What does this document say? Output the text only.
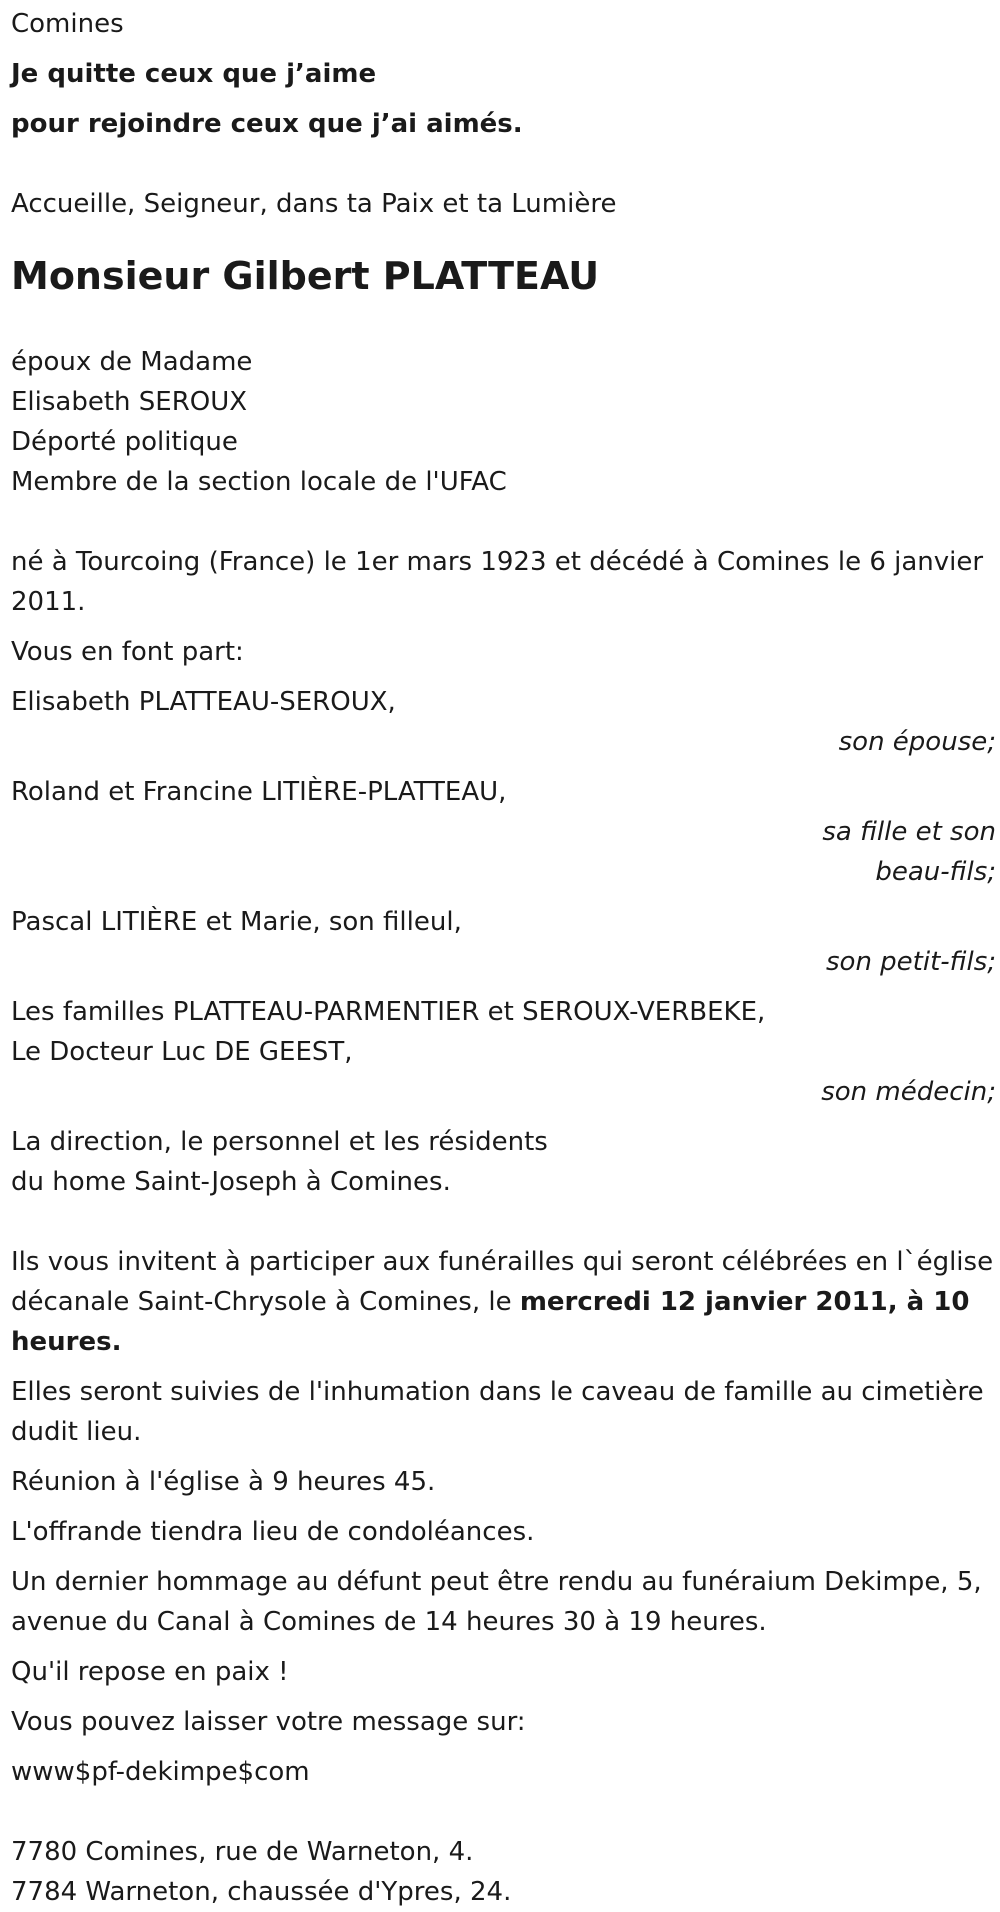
Comines

Je quitte ceux que j’aime

pour rejoindre ceux que j’ai aimés.

Accueille, Seigneur, dans ta Paix et ta Lumière

Monsieur Gilbert PLATTEAU

époux de Madame

Elisabeth SEROUX

Déporté politique

Membre de la section locale de l'UFAC

né à Tourcoing (France) le 1er mars 1923 et décédé à Comines le 6 janvier 2011.

Vous en font part:

Elisabeth PLATTEAU-SEROUX,

son épouse;

Roland et Francine LITIÈRE-PLATTEAU,

sa fille et son beau-fils;

Pascal LITIÈRE et Marie, son filleul,

son petit-fils;

Les familles PLATTEAU-PARMENTIER et SEROUX-VERBEKE,

Le Docteur Luc DE GEEST,

son médecin;

La direction, le personnel et les résidents

du home Saint-Joseph à Comines.

Ils vous invitent à participer aux funérailles qui seront célébrées en l`église décanale Saint-Chrysole à Comines, le mercredi 12 janvier 2011, à 10 heures.

Elles seront suivies de l'inhumation dans le caveau de famille au cimetière dudit lieu.

Réunion à l'église à 9 heures 45.

L'offrande tiendra lieu de condoléances.

Un dernier hommage au défunt peut être rendu au funéraium Dekimpe, 5, avenue du Canal à Comines de 14 heures 30 à 19 heures.

Qu'il repose en paix !

Vous pouvez laisser votre message sur:

www$pf-dekimpe$com

7780 Comines, rue de Warneton, 4.

7784 Warneton, chaussée d'Ypres, 24.
